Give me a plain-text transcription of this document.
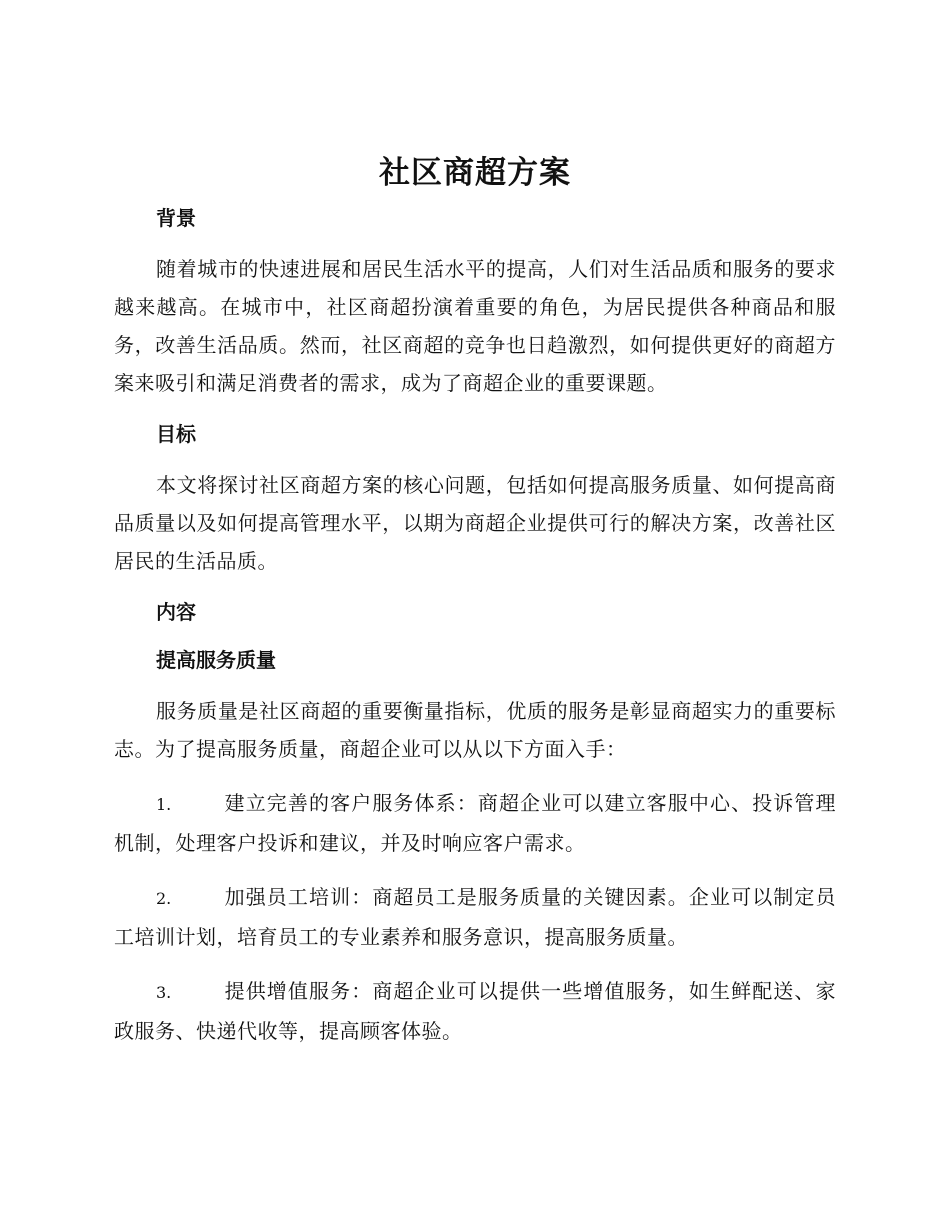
社区商超方案
背景

随着城市的快速进展和居民生活水平的提高，人们对生活品质和服务的要求越来越高。在城市中，社区商超扮演着重要的角色，为居民提供各种商品和服务，改善生活品质。然而，社区商超的竞争也日趋激烈，如何提供更好的商超方案来吸引和满足消费者的需求，成为了商超企业的重要课题。

目标

本文将探讨社区商超方案的核心问题，包括如何提高服务质量、如何提高商品质量以及如何提高管理水平，以期为商超企业提供可行的解决方案，改善社区居民的生活品质。

内容
提高服务质量

服务质量是社区商超的重要衡量指标，优质的服务是彰显商超实力的重要标志。为了提高服务质量，商超企业可以从以下方面入手：

1.	建立完善的客户服务体系：商超企业可以建立客服中心、投诉管理机制，处理客户投诉和建议，并及时响应客户需求。

2.	加强员工培训：商超员工是服务质量的关键因素。企业可以制定员工培训计划，培育员工的专业素养和服务意识，提高服务质量。

3.	提供增值服务：商超企业可以提供一些增值服务，如生鲜配送、家政服务、快递代收等，提高顾客体验。
